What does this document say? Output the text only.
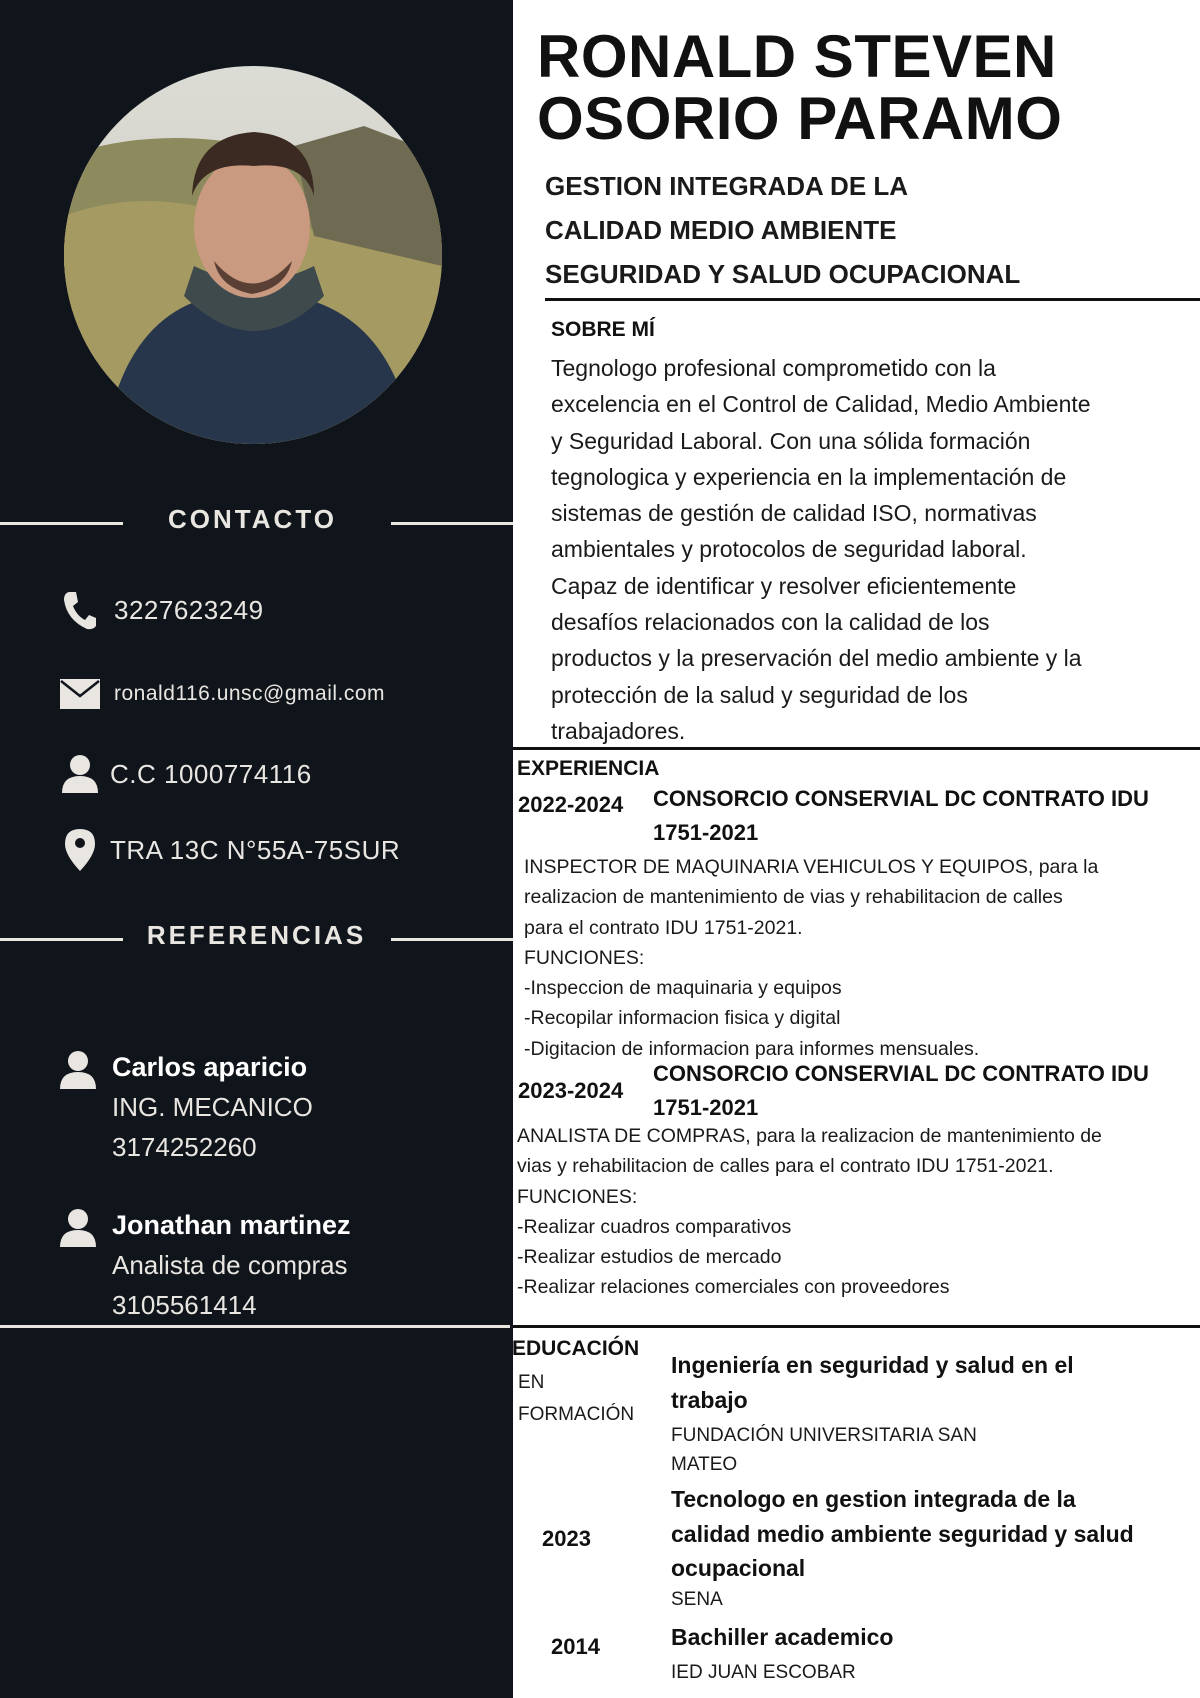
CONTACTO
3227623249
ronald116.unsc@gmail.com
C.C 1000774116
TRA 13C N°55A-75SUR
REFERENCIAS
Carlos aparicio
ING. MECANICO
3174252260
Jonathan martinez
Analista de compras
3105561414
RONALD STEVEN
OSORIO PARAMO
GESTION INTEGRADA DE LA
CALIDAD MEDIO AMBIENTE
SEGURIDAD Y SALUD OCUPACIONAL
SOBRE MÍ
Tegnologo profesional comprometido con la
excelencia en el Control de Calidad, Medio Ambiente
y Seguridad Laboral. Con una sólida formación
tegnologica y experiencia en la implementación de
sistemas de gestión de calidad ISO, normativas
ambientales y protocolos de seguridad laboral.
Capaz de identificar y resolver eficientemente
desafíos relacionados con la calidad de los
productos y la preservación del medio ambiente y la
protección de la salud y seguridad de los
trabajadores.
EXPERIENCIA
2022-2024 CONSORCIO CONSERVIAL DC CONTRATO IDU
1751-2021
INSPECTOR DE MAQUINARIA VEHICULOS Y EQUIPOS, para la
realizacion de mantenimiento de vias y rehabilitacion de calles
para el contrato IDU 1751-2021.
FUNCIONES:
-Inspeccion de maquinaria y equipos
-Recopilar informacion fisica y digital
-Digitacion de informacion para informes mensuales.
2023-2024
CONSORCIO CONSERVIAL DC CONTRATO IDU
1751-2021
ANALISTA DE COMPRAS, para la realizacion de mantenimiento de
vias y rehabilitacion de calles para el contrato IDU 1751-2021.
FUNCIONES:
-Realizar cuadros comparativos
-Realizar estudios de mercado
-Realizar relaciones comerciales con proveedores
EDUCACIÓN
EN
FORMACIÓN
Ingeniería en seguridad y salud en el
trabajo
FUNDACIÓN UNIVERSITARIA SAN
MATEO
2023
Tecnologo en gestion integrada de la
calidad medio ambiente seguridad y salud
ocupacional
SENA
2014	Bachiller academico
IED JUAN ESCOBAR
